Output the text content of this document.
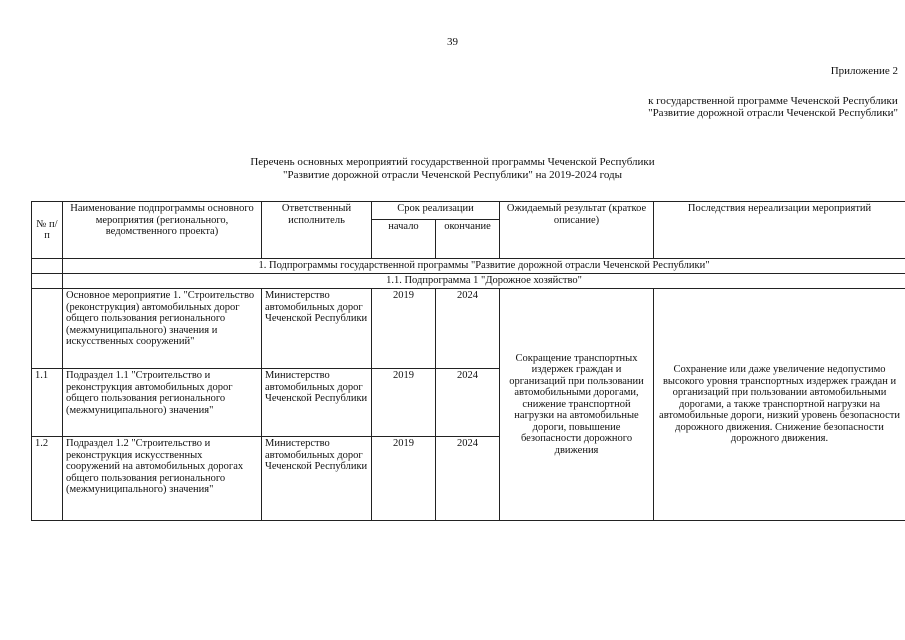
39
Приложение 2
к государственной программе Чеченской Республики
"Развитие дорожной отрасли Чеченской Республики"
Перечень основных мероприятий государственной программы Чеченской Республики
"Развитие дорожной отрасли Чеченской Республики" на 2019-2024 годы
№ п/п	Наименование подпрограммы основного мероприятия (регионального, ведомственного проекта)	Ответственный исполнитель	Срок реализации		Ожидаемый результат (краткое описание)	Последствия нереализации мероприятий
			начало	окончание		
	1. Подпрограммы государственной программы "Развитие дорожной отрасли Чеченской Республики"					
	1.1. Подпрограмма 1 "Дорожное хозяйство"					
	Основное мероприятие 1. "Строительство (реконструкция) автомобильных дорог общего пользования регионального (межмуниципального) значения и искусственных сооружений"	Министерство автомобильных дорог Чеченской Республики	2019	2024	Сокращение транспортных издержек граждан и организаций при пользовании автомобильными дорогами, снижение транспортной нагрузки на автомобильные дороги, повышение безопасности дорожного движения	Сохранение или даже увеличение недопустимо высокого уровня транспортных издержек граждан и организаций при пользовании автомобильными дорогами, а также транспортной нагрузки на автомобильные дороги, низкий уровень безопасности дорожного движения. Снижение безопасности дорожного движения.
1.1	Подраздел 1.1 "Строительство и реконструкция автомобильных дорог общего пользования регионального (межмуниципального) значения"	Министерство автомобильных дорог Чеченской Республики	2019	2024		
1.2	Подраздел 1.2 "Строительство и реконструкция искусственных сооружений на автомобильных дорогах общего пользования регионального (межмуниципального) значения"	Министерство автомобильных дорог Чеченской Республики	2019	2024		
